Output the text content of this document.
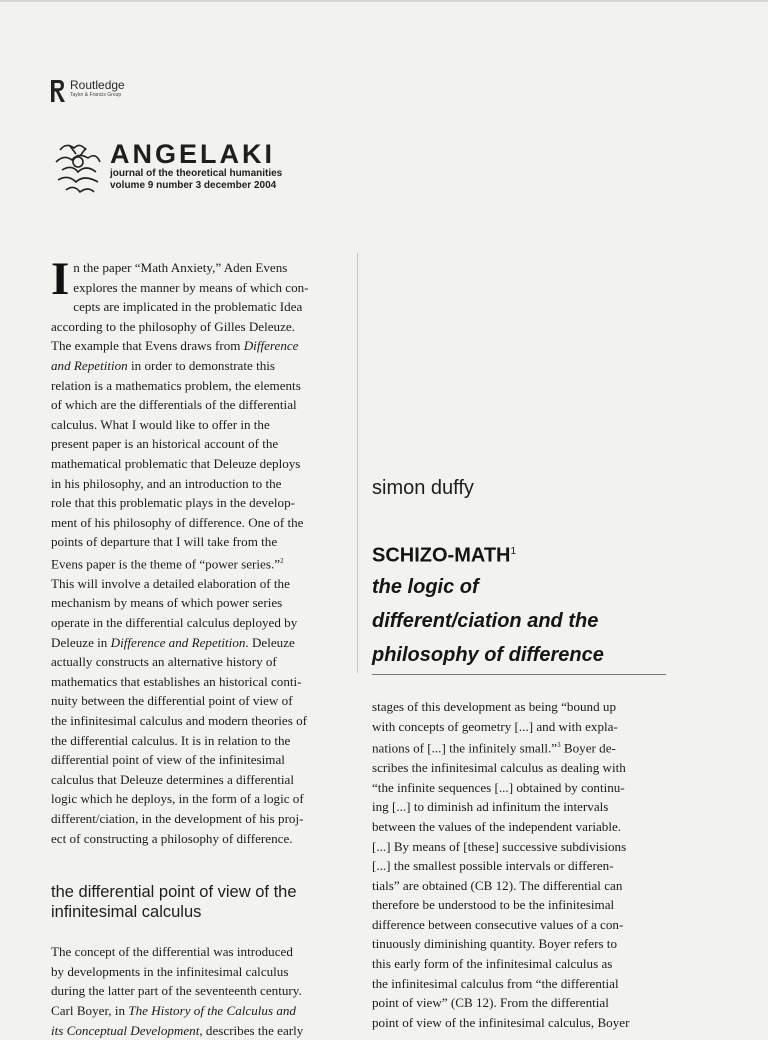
Routledge
Taylor & Francis Group
ANGELAKI
journal of the theoretical humanities
volume 9 number 3 december 2004
I n the paper “Math Anxiety,” Aden Evens

explores the manner by means of which con-

cepts are implicated in the problematic Idea

according to the philosophy of Gilles Deleuze.

The example that Evens draws from Difference

and Repetition in order to demonstrate this

relation is a mathematics problem, the elements

of which are the differentials of the differential

calculus. What I would like to offer in the

present paper is an historical account of the

mathematical problematic that Deleuze deploys

in his philosophy, and an introduction to the

role that this problematic plays in the develop-

ment of his philosophy of difference. One of the

points of departure that I will take from the

Evens paper is the theme of “power series.”$^2$

This will involve a detailed elaboration of the

mechanism by means of which power series

operate in the differential calculus deployed by

Deleuze in Difference and Repetition. Deleuze

actually constructs an alternative history of

mathematics that establishes an historical conti-

nuity between the differential point of view of

the infinitesimal calculus and modern theories of

the differential calculus. It is in relation to the

differential point of view of the infinitesimal

calculus that Deleuze determines a differential

logic which he deploys, in the form of a logic of

different/ciation, in the development of his proj-

ect of constructing a philosophy of difference.

the differential point of view of the infinitesimal calculus

The concept of the differential was introduced

by developments in the infinitesimal calculus

during the latter part of the seventeenth century.

Carl Boyer, in The History of the Calculus and

its Conceptual Development, describes the early

simon duffy
SCHIZO-MATH$^1$
the logic of
different/ciation and the
philosophy of difference

stages of this development as being “bound up

with concepts of geometry [...] and with expla-

nations of [...] the infinitely small.”$^3$ Boyer de-

scribes the infinitesimal calculus as dealing with

“the infinite sequences [...] obtained by continu-

ing [...] to diminish ad infinitum the intervals

between the values of the independent variable.

[...] By means of [these] successive subdivisions

[...] the smallest possible intervals or differen-

tials” are obtained (CB 12). The differential can

therefore be understood to be the infinitesimal

difference between consecutive values of a con-

tinuously diminishing quantity. Boyer refers to

this early form of the infinitesimal calculus as

the infinitesimal calculus from “the differential

point of view” (CB 12). From the differential

point of view of the infinitesimal calculus, Boyer
